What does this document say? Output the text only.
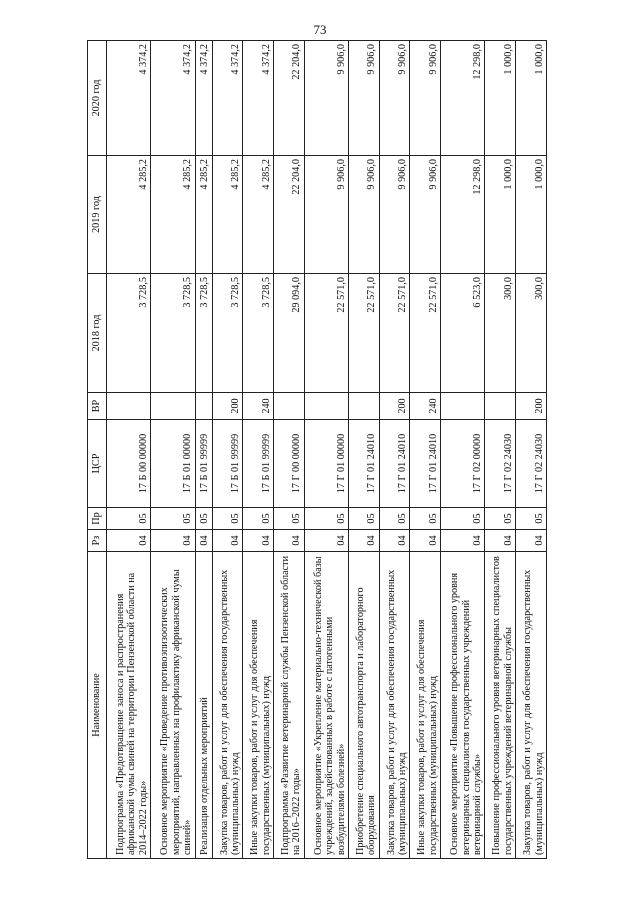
73
Наименование	Рз	Пр	ЦСР	ВР	2018 год	2019 год	2020 год
Подпрограмма «Предотвращение заноса и распространения африканской чумы свиней на территории Пензенской области на 2014–2022 годы»	04	05	17 Б 00 00000		3 728,5	4 285,2	4 374,2
Основное мероприятие «Проведение противоэпизоотических мероприятий, направленных на профилактику африканской чумы свиней»	04	05	17 Б 01 00000		3 728,5	4 285,2	4 374,2
Реализация отдельных мероприятий	04	05	17 Б 01 99999		3 728,5	4 285,2	4 374,2
Закупка товаров, работ и услуг для обеспечения государственных (муниципальных) нужд	04	05	17 Б 01 99999	200	3 728,5	4 285,2	4 374,2
Иные закупки товаров, работ и услуг для обеспечения государственных (муниципальных) нужд	04	05	17 Б 01 99999	240	3 728,5	4 285,2	4 374,2
Подпрограмма «Развитие ветеринарной службы Пензенской области на 2016–2022 годы»	04	05	17 Г 00 00000		29 094,0	22 204,0	22 204,0
Основное мероприятие «Укрепление материально-технической базы учреждений, задействованных в работе с патогенными возбудителями болезней»	04	05	17 Г 01 00000		22 571,0	9 906,0	9 906,0
Приобретение специального автотранспорта и лабораторного оборудования	04	05	17 Г 01 24010		22 571,0	9 906,0	9 906,0
Закупка товаров, работ и услуг для обеспечения государственных (муниципальных) нужд	04	05	17 Г 01 24010	200	22 571,0	9 906,0	9 906,0
Иные закупки товаров, работ и услуг для обеспечения государственных (муниципальных) нужд	04	05	17 Г 01 24010	240	22 571,0	9 906,0	9 906,0
Основное мероприятие «Повышение профессионального уровня ветеринарных специалистов государственных учреждений ветеринарной службы»	04	05	17 Г 02 00000		6 523,0	12 298,0	12 298,0
Повышение профессионального уровня ветеринарных специалистов государственных учреждений ветеринарной службы	04	05	17 Г 02 24030		300,0	1 000,0	1 000,0
Закупка товаров, работ и услуг для обеспечения государственных (муниципальных) нужд	04	05	17 Г 02 24030	200	300,0	1 000,0	1 000,0
